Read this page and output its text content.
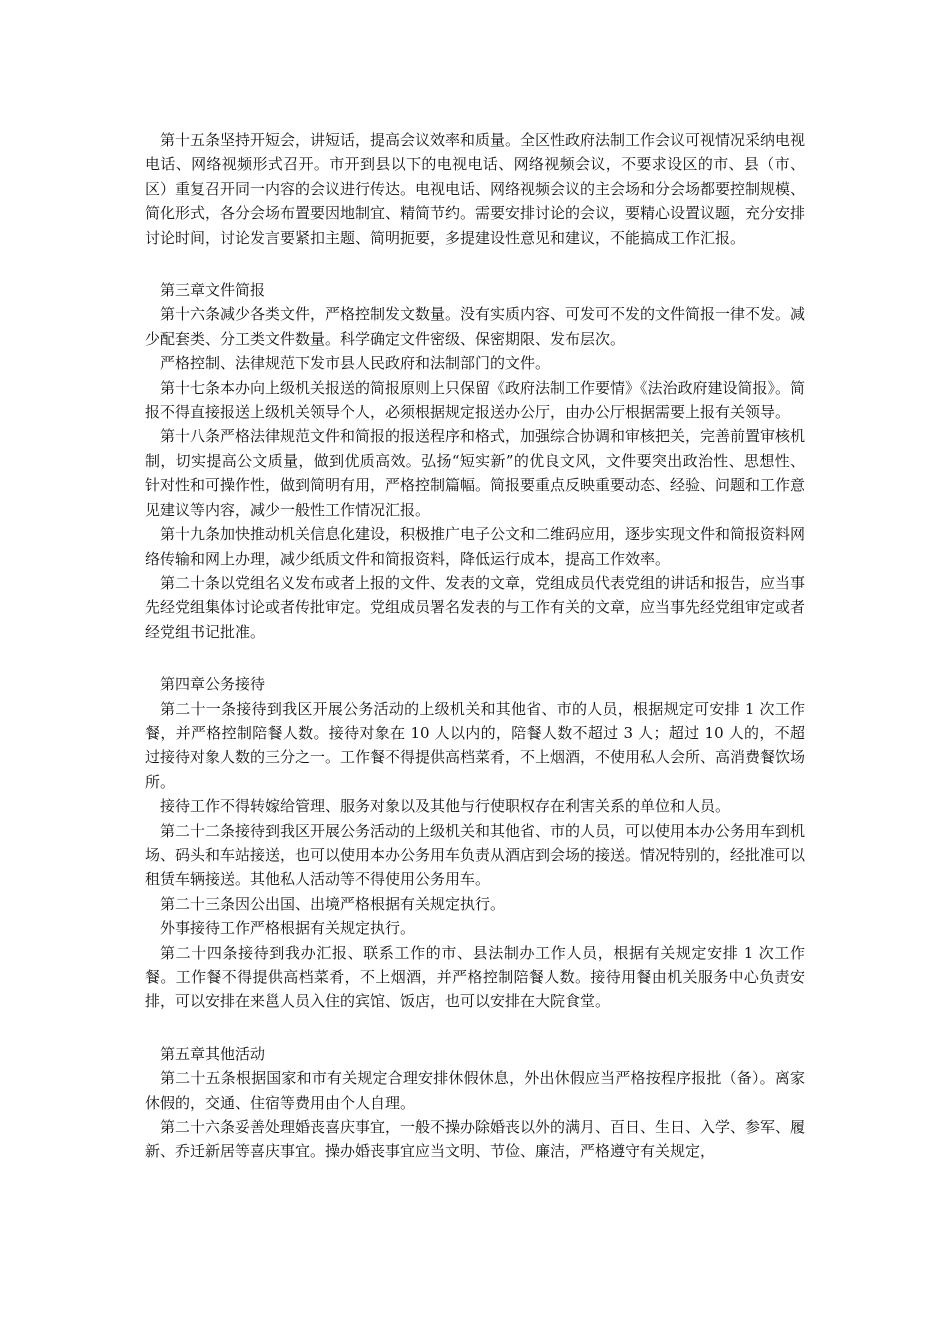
第十五条坚持开短会，讲短话，提高会议效率和质量。全区性政府法制工作会议可视情况采纳电视电话、网络视频形式召开。市开到县以下的电视电话、网络视频会议，不要求设区的市、县（市、区）重复召开同一内容的会议进行传达。电视电话、网络视频会议的主会场和分会场都要控制规模、简化形式，各分会场布置要因地制宜、精简节约。需要安排讨论的会议，要精心设置议题，充分安排讨论时间，讨论发言要紧扣主题、简明扼要，多提建设性意见和建议，不能搞成工作汇报。

第三章文件简报

第十六条减少各类文件，严格控制发文数量。没有实质内容、可发可不发的文件简报一律不发。减少配套类、分工类文件数量。科学确定文件密级、保密期限、发布层次。

严格控制、法律规范下发市县人民政府和法制部门的文件。

第十七条本办向上级机关报送的简报原则上只保留《政府法制工作要情》《法治政府建设简报》。简报不得直接报送上级机关领导个人，必须根据规定报送办公厅，由办公厅根据需要上报有关领导。

第十八条严格法律规范文件和简报的报送程序和格式，加强综合协调和审核把关，完善前置审核机制，切实提高公文质量，做到优质高效。弘扬“短实新”的优良文风，文件要突出政治性、思想性、针对性和可操作性，做到简明有用，严格控制篇幅。简报要重点反映重要动态、经验、问题和工作意见建议等内容，减少一般性工作情况汇报。

第十九条加快推动机关信息化建设，积极推广电子公文和二维码应用，逐步实现文件和简报资料网络传输和网上办理，减少纸质文件和简报资料，降低运行成本，提高工作效率。

第二十条以党组名义发布或者上报的文件、发表的文章，党组成员代表党组的讲话和报告，应当事先经党组集体讨论或者传批审定。党组成员署名发表的与工作有关的文章，应当事先经党组审定或者经党组书记批准。

第四章公务接待

第二十一条接待到我区开展公务活动的上级机关和其他省、市的人员，根据规定可安排 1 次工作餐，并严格控制陪餐人数。接待对象在 10 人以内的，陪餐人数不超过 3 人；超过 10 人的，不超过接待对象人数的三分之一。工作餐不得提供高档菜肴，不上烟酒，不使用私人会所、高消费餐饮场所。

接待工作不得转嫁给管理、服务对象以及其他与行使职权存在利害关系的单位和人员。

第二十二条接待到我区开展公务活动的上级机关和其他省、市的人员，可以使用本办公务用车到机场、码头和车站接送，也可以使用本办公务用车负责从酒店到会场的接送。情况特别的，经批准可以租赁车辆接送。其他私人活动等不得使用公务用车。

第二十三条因公出国、出境严格根据有关规定执行。

外事接待工作严格根据有关规定执行。

第二十四条接待到我办汇报、联系工作的市、县法制办工作人员，根据有关规定安排 1 次工作餐。工作餐不得提供高档菜肴，不上烟酒，并严格控制陪餐人数。接待用餐由机关服务中心负责安排，可以安排在来邕人员入住的宾馆、饭店，也可以安排在大院食堂。

第五章其他活动

第二十五条根据国家和市有关规定合理安排休假休息，外出休假应当严格按程序报批（备）。离家休假的，交通、住宿等费用由个人自理。

第二十六条妥善处理婚丧喜庆事宜，一般不操办除婚丧以外的满月、百日、生日、入学、参军、履新、乔迁新居等喜庆事宜。操办婚丧事宜应当文明、节俭、廉洁，严格遵守有关规定，
